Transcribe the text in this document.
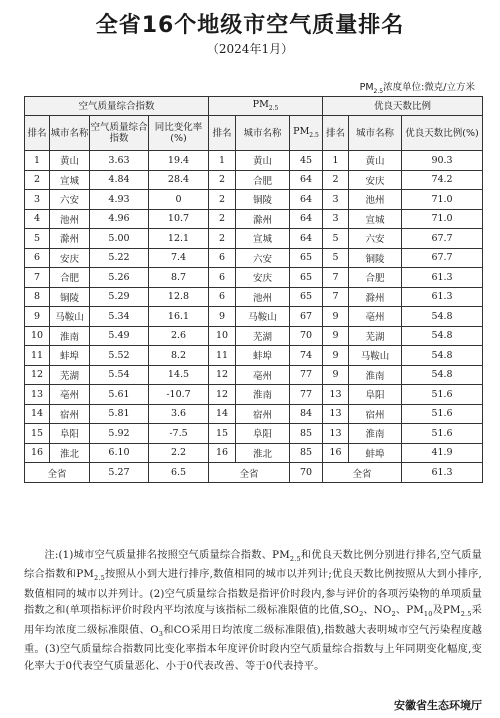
全省16个地级市空气质量排名
（2024年1月）
$PM_{2.5}$浓度单位:微克/立方米
空气质量综合指数				$PM_{2.5}$			优良天数比例		
排名	城市名称	空气质量综合指数	同比变化率(%)	排名	城市名称	$PM_{2.5}$	排名	城市名称	优良天数比例(%)
1	黄山	3.63	19.4	1	黄山	45	1	黄山	90.3
2	宣城	4.84	28.4	2	合肥	64	2	安庆	74.2
3	六安	4.93	0	2	铜陵	64	3	池州	71.0
4	池州	4.96	10.7	2	滁州	64	3	宣城	71.0
5	滁州	5.00	12.1	2	宣城	64	5	六安	67.7
6	安庆	5.22	7.4	6	六安	65	5	铜陵	67.7
7	合肥	5.26	8.7	6	安庆	65	7	合肥	61.3
8	铜陵	5.29	12.8	6	池州	65	7	滁州	61.3
9	马鞍山	5.34	16.1	9	马鞍山	67	9	亳州	54.8
10	淮南	5.49	2.6	10	芜湖	70	9	芜湖	54.8
11	蚌埠	5.52	8.2	11	蚌埠	74	9	马鞍山	54.8
12	芜湖	5.54	14.5	12	亳州	77	9	淮南	54.8
13	亳州	5.61	-10.7	12	淮南	77	13	阜阳	51.6
14	宿州	5.81	3.6	14	宿州	84	13	宿州	51.6
15	阜阳	5.92	-7.5	15	阜阳	85	13	淮南	51.6
16	淮北	6.10	2.2	16	淮北	85	16	蚌埠	41.9
全省		5.27	6.5	全省		70	全省		61.3
注:(1)城市空气质量排名按照空气质量综合指数、$PM_{2.5}$和优良天数比例分别进行排名,空气质量综合指数和$PM_{2.5}$按照从小到大进行排序,数值相同的城市以并列计;优良天数比例按照从大到小排序,数值相同的城市以并列计。(2)空气质量综合指数是指评价时段内,参与评价的各项污染物的单项质量指数之和(单项指标评价时段内平均浓度与该指标二级标准限值的比值$,SO_2$、$NO_2$、$PM_{10}$及$PM_{2.5}$采用年均浓度二级标准限值、$O_3$和CO采用日均浓度二级标准限值),指数越大表明城市空气污染程度越重。(3)空气质量综合指数同比变化率指本年度评价时段内空气质量综合指数与上年同期变化幅度,变化率大于0代表空气质量恶化、小于0代表改善、等于0代表持平。
安徽省生态环境厅
